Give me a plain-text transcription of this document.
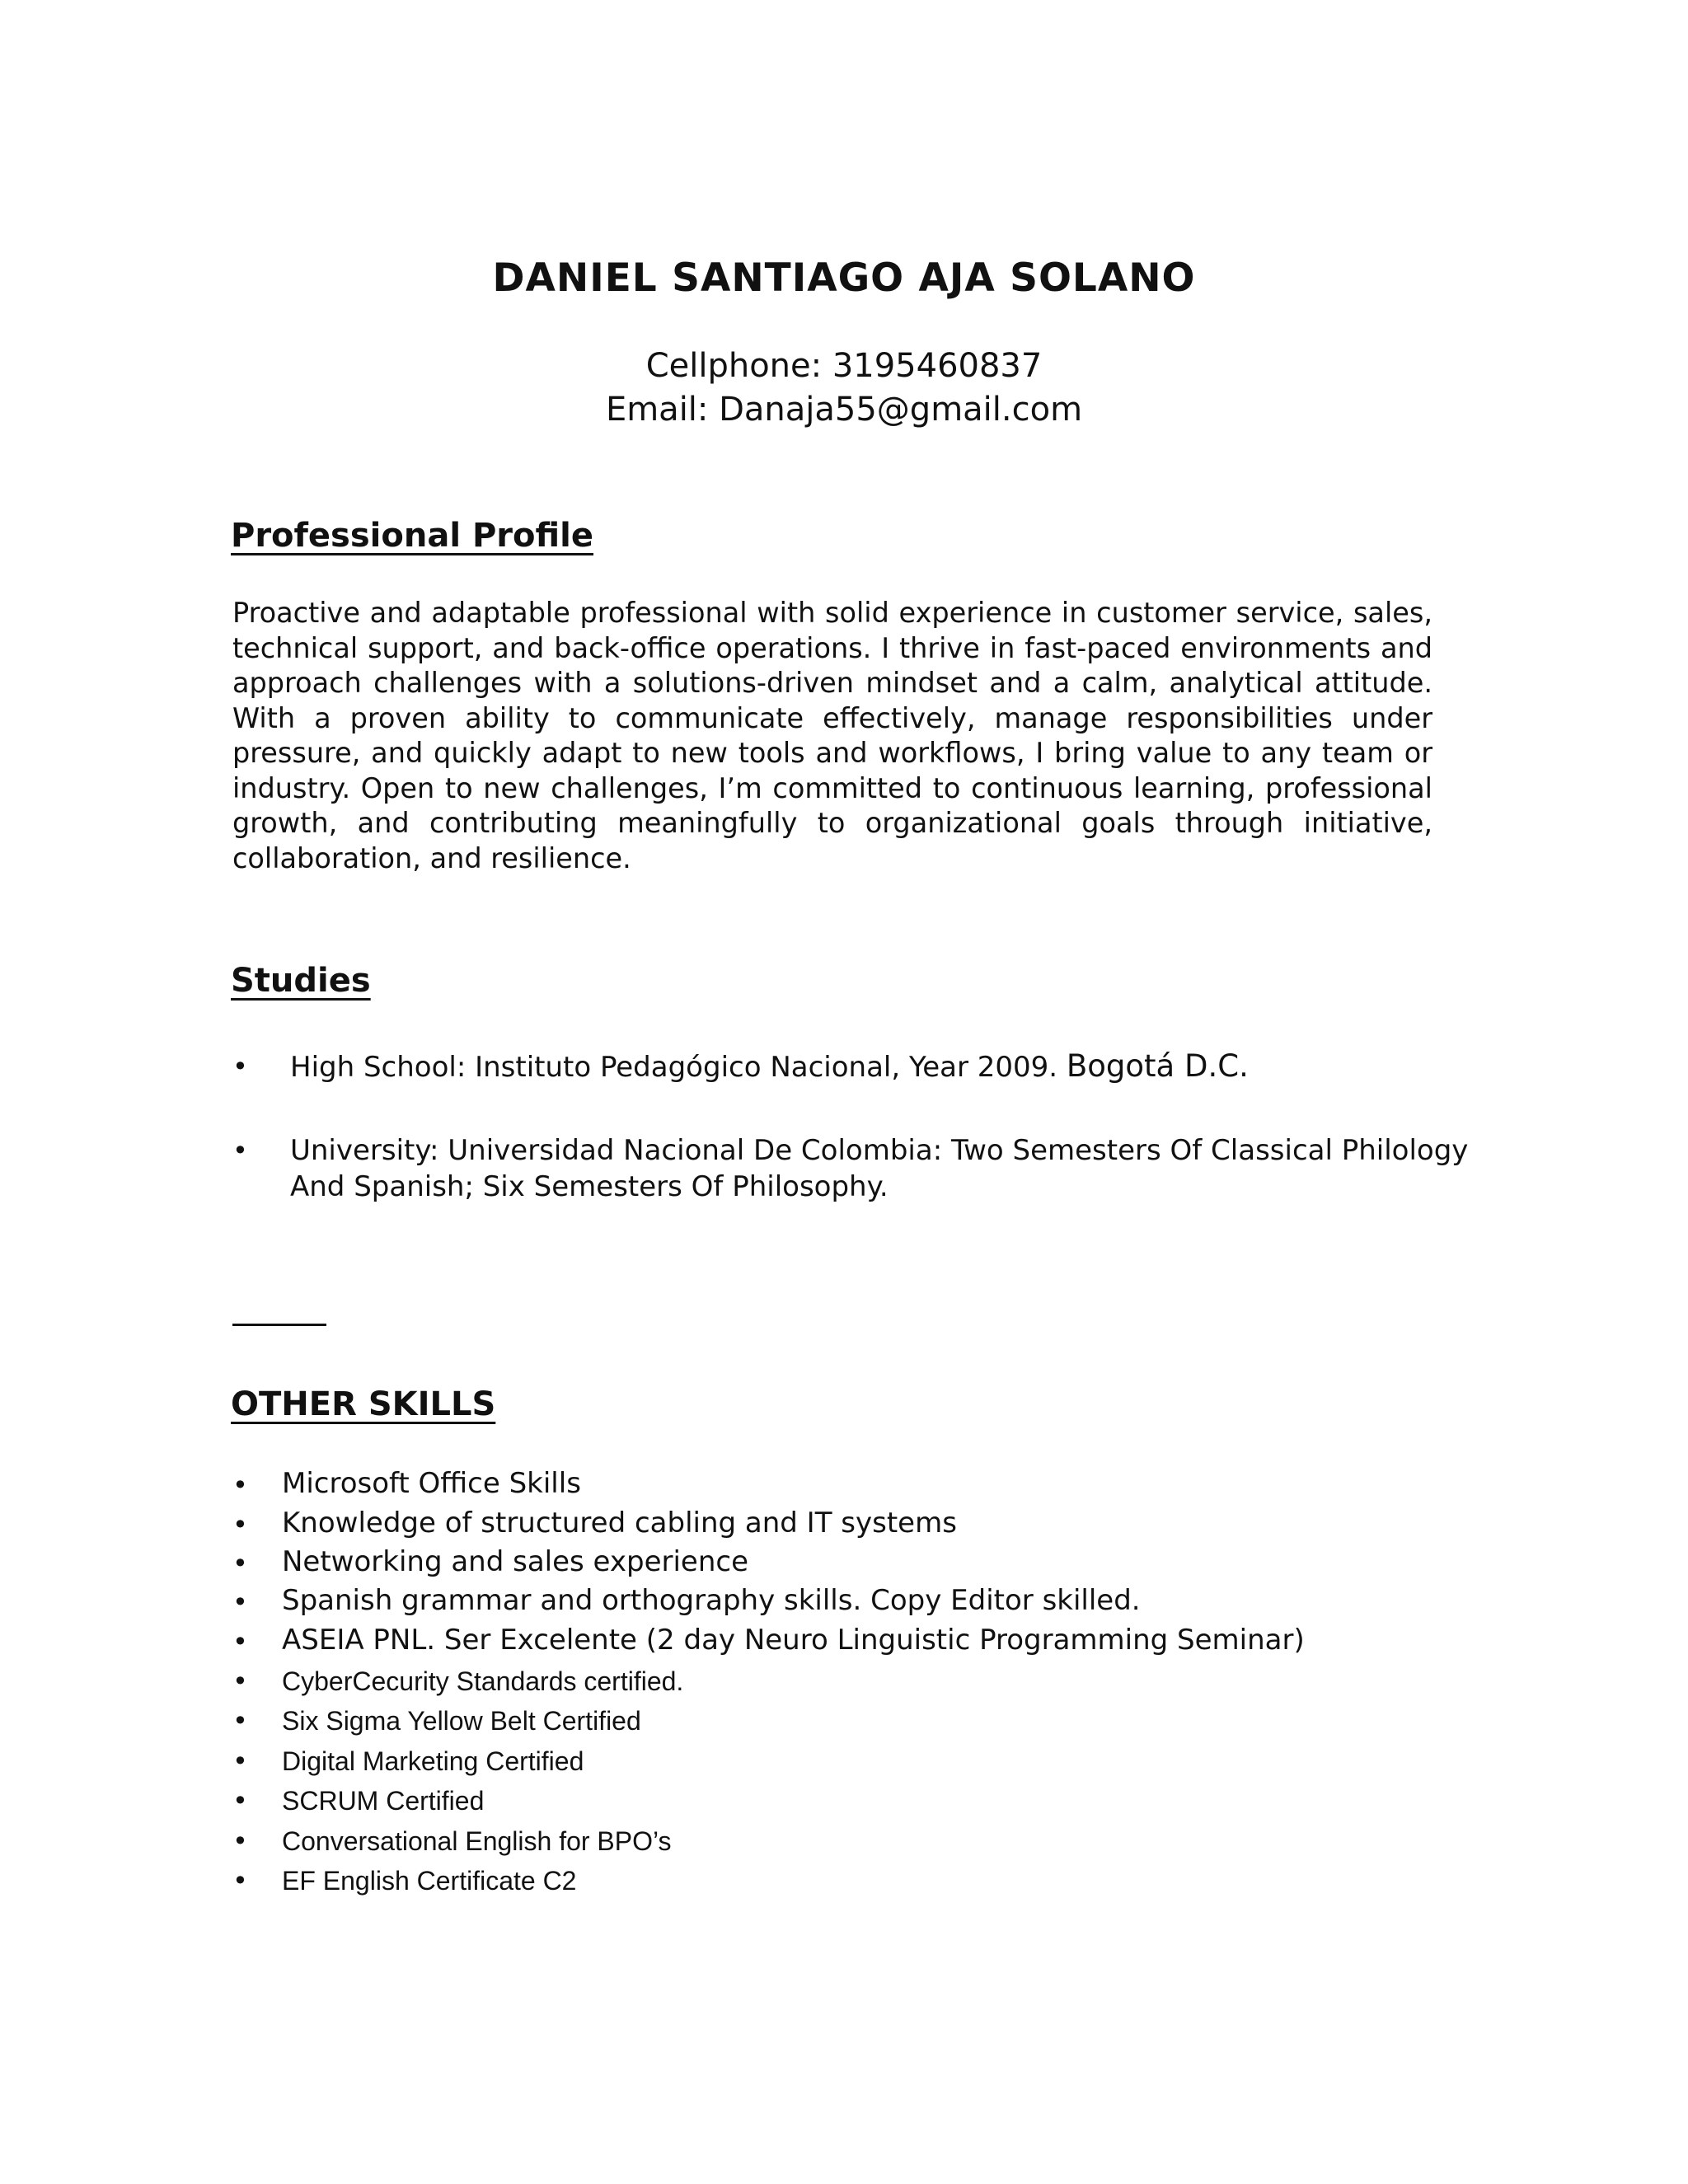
DANIEL SANTIAGO AJA SOLANO
Cellphone: 3195460837
Email: Danaja55@gmail.com
Professional Profile

Proactive and adaptable professional with solid experience in customer service, sales, technical support, and back-office operations. I thrive in fast-paced environments and approach challenges with a solutions-driven mindset and a calm, analytical attitude. With a proven ability to communicate effectively, manage responsibilities under pressure, and quickly adapt to new tools and workflows, I bring value to any team or industry. Open to new challenges, I’m committed to continuous learning, professional growth, and contributing meaningfully to organizational goals through initiative, collaboration, and resilience.

Studies
• High School: Instituto Pedagógico Nacional, Year 2009. Bogotá D.C.
• University: Universidad Nacional De Colombia: Two Semesters Of Classical Philology And Spanish; Six Semesters Of Philosophy.
OTHER SKILLS
• Microsoft Office Skills
• Knowledge of structured cabling and IT systems
• Networking and sales experience
• Spanish grammar and orthography skills. Copy Editor skilled.
• ASEIA PNL. Ser Excelente (2 day Neuro Linguistic Programming Seminar)
• CyberCecurity Standards certified.
• Six Sigma Yellow Belt Certified
• Digital Marketing Certified
• SCRUM Certified
• Conversational English for BPO’s
• EF English Certificate C2
